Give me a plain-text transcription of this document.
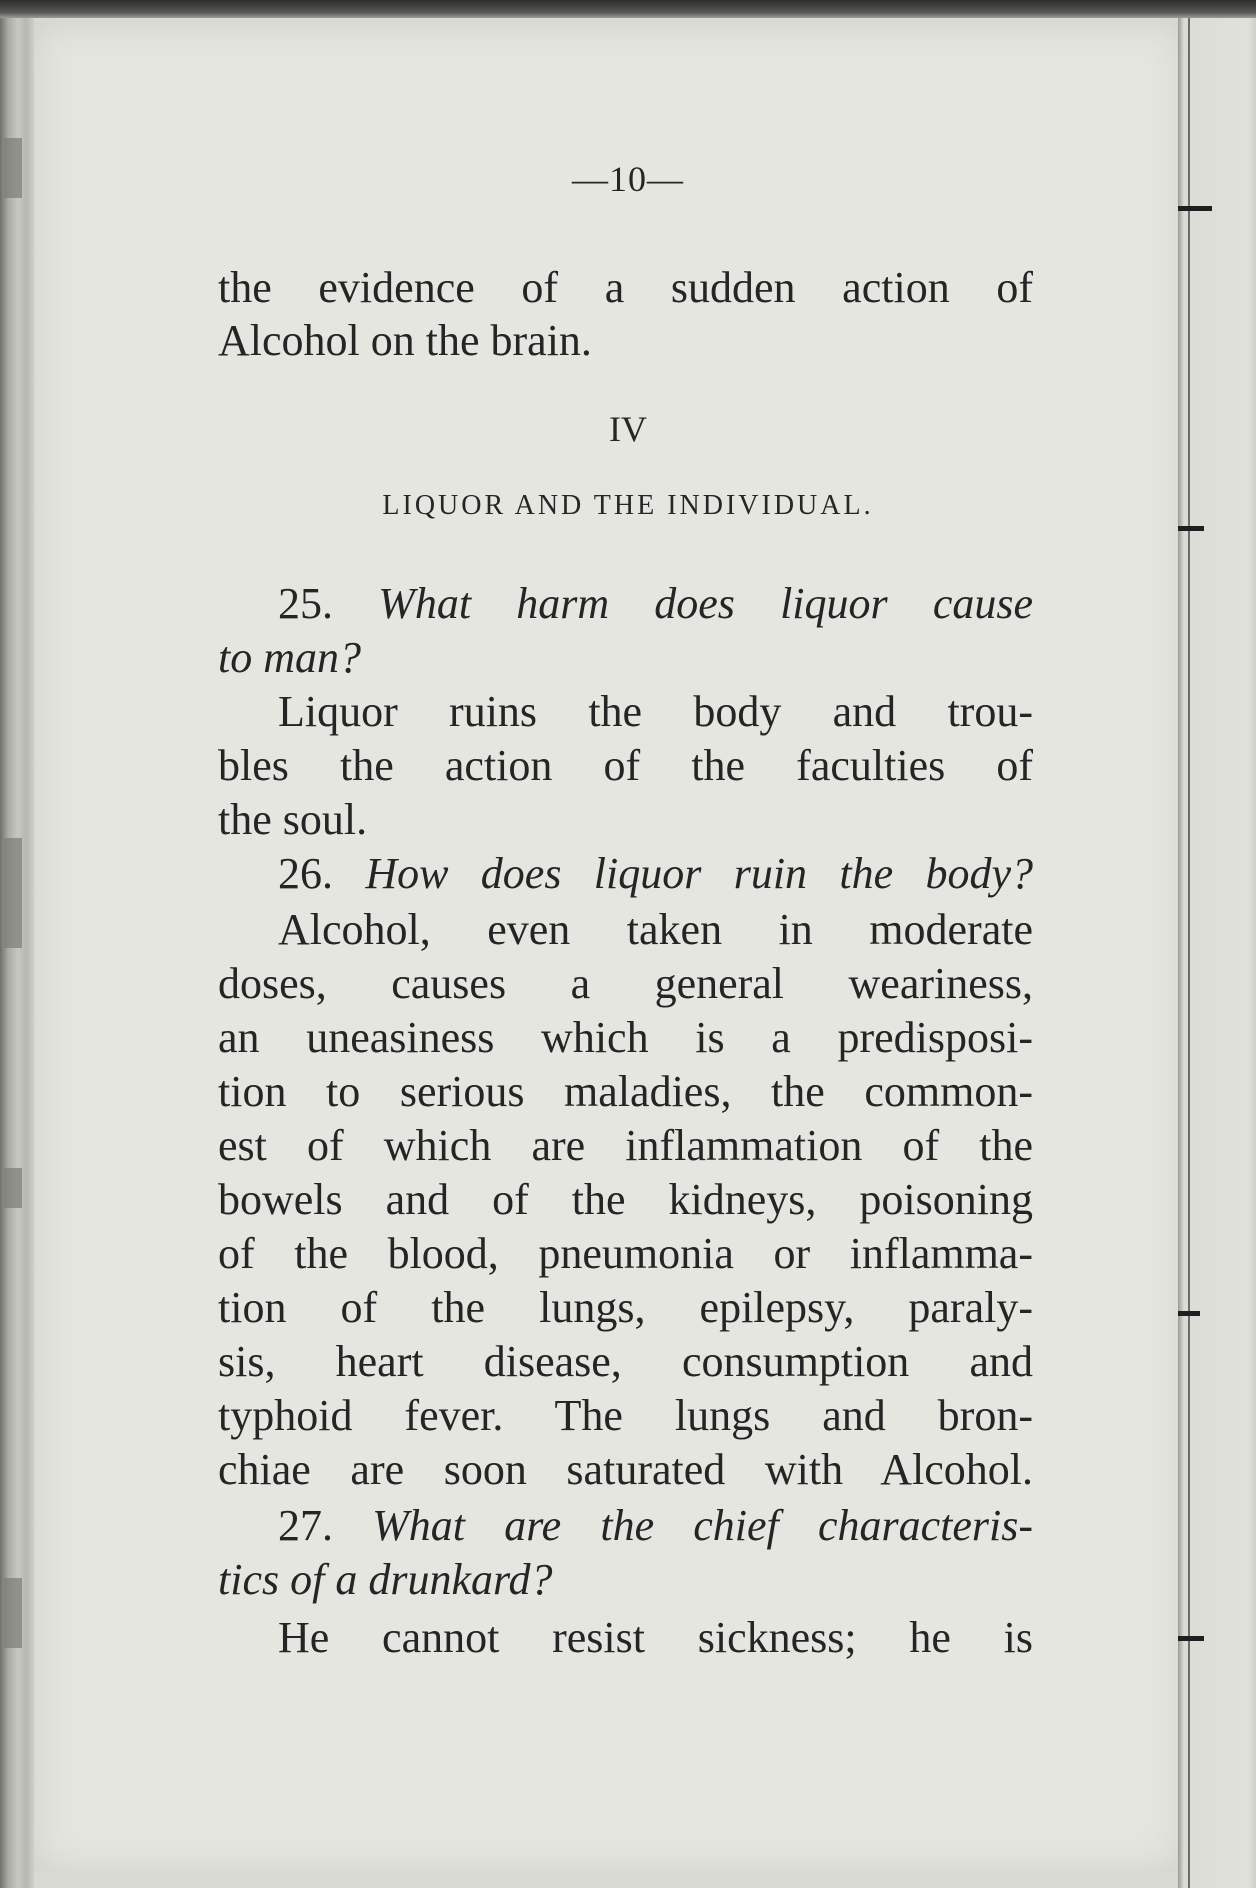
—10—
IV
LIQUOR AND THE INDIVIDUAL.
the evidence of a sudden action of
Alcohol on the brain.
25. What harm does liquor cause
to man?
Liquor ruins the body and trou-
bles the action of the faculties of
the soul.
26. How does liquor ruin the body?
Alcohol, even taken in moderate
doses, causes a general weariness,
an uneasiness which is a predisposi-
tion to serious maladies, the common-
est of which are inflammation of the
bowels and of the kidneys, poisoning
of the blood, pneumonia or inflamma-
tion of the lungs, epilepsy, paraly-
sis, heart disease, consumption and
typhoid fever. The lungs and bron-
chiae are soon saturated with Alcohol.
27. What are the chief characteris-
tics of a drunkard?
He cannot resist sickness; he is
